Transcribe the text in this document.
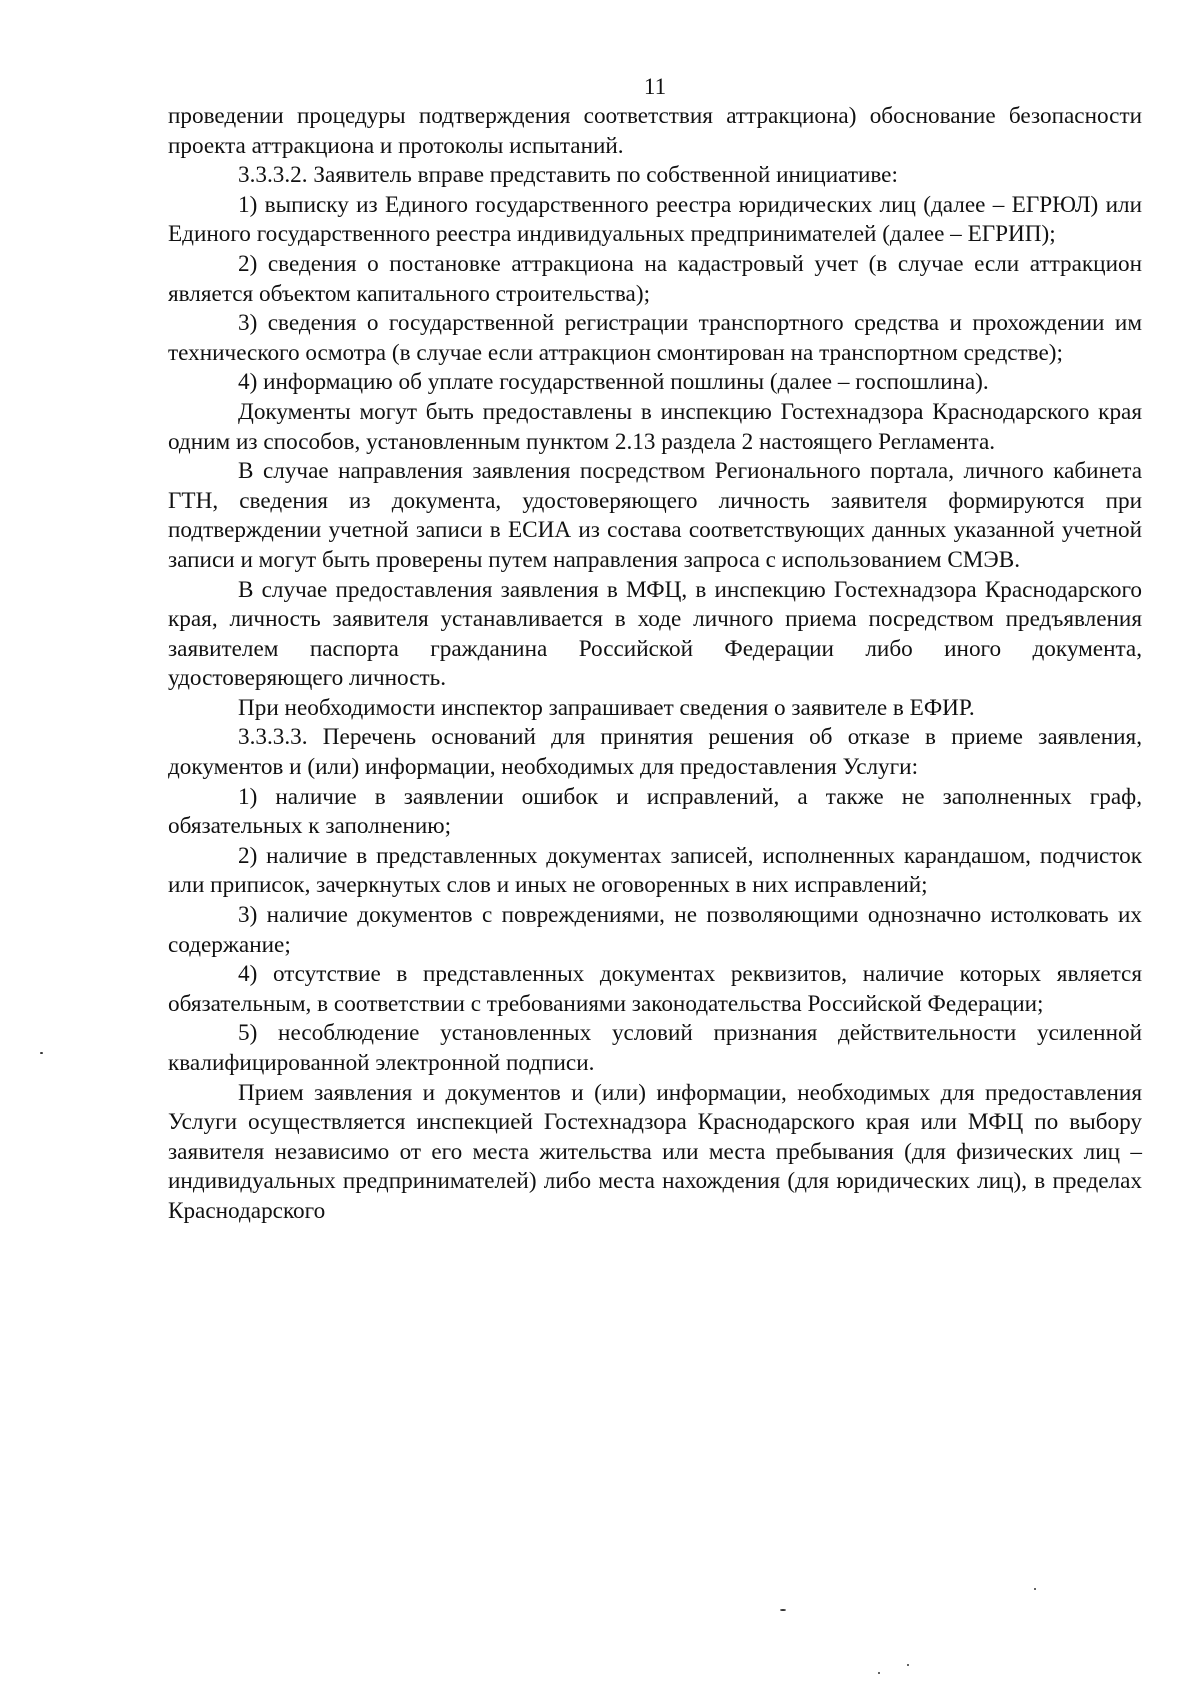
11

проведении процедуры подтверждения соответствия аттракциона) обоснование безопасности проекта аттракциона и протоколы испытаний.

3.3.3.2. Заявитель вправе представить по собственной инициативе:

1) выписку из Единого государственного реестра юридических лиц (далее – ЕГРЮЛ) или Единого государственного реестра индивидуальных предпринимателей (далее – ЕГРИП);

2) сведения о постановке аттракциона на кадастровый учет (в случае если аттракцион является объектом капитального строительства);

3) сведения о государственной регистрации транспортного средства и прохождении им технического осмотра (в случае если аттракцион смонтирован на транспортном средстве);

4) информацию об уплате государственной пошлины (далее – госпошлина).

Документы могут быть предоставлены в инспекцию Гостехнадзора Краснодарского края одним из способов, установленным пунктом 2.13 раздела 2 настоящего Регламента.

В случае направления заявления посредством Регионального портала, личного кабинета ГТН, сведения из документа, удостоверяющего личность заявителя формируются при подтверждении учетной записи в ЕСИА из состава соответствующих данных указанной учетной записи и могут быть проверены путем направления запроса с использованием СМЭВ.

В случае предоставления заявления в МФЦ, в инспекцию Гостехнадзора Краснодарского края, личность заявителя устанавливается в ходе личного приема посредством предъявления заявителем паспорта гражданина Российской Федерации либо иного документа, удостоверяющего личность.

При необходимости инспектор запрашивает сведения о заявителе в ЕФИР.

3.3.3.3. Перечень оснований для принятия решения об отказе в приеме заявления, документов и (или) информации, необходимых для предоставления Услуги:

1) наличие в заявлении ошибок и исправлений, а также не заполненных граф, обязательных к заполнению;

2) наличие в представленных документах записей, исполненных карандашом, подчисток или приписок, зачеркнутых слов и иных не оговоренных в них исправлений;

3) наличие документов с повреждениями, не позволяющими однозначно истолковать их содержание;

4) отсутствие в представленных документах реквизитов, наличие которых является обязательным, в соответствии с требованиями законодательства Российской Федерации;

5) несоблюдение установленных условий признания действительности усиленной квалифицированной электронной подписи.

Прием заявления и документов и (или) информации, необходимых для предоставления Услуги осуществляется инспекцией Гостехнадзора Краснодарского края или МФЦ по выбору заявителя независимо от его места жительства или места пребывания (для физических лиц – индивидуальных предпринимателей) либо места нахождения (для юридических лиц), в пределах Краснодарского
